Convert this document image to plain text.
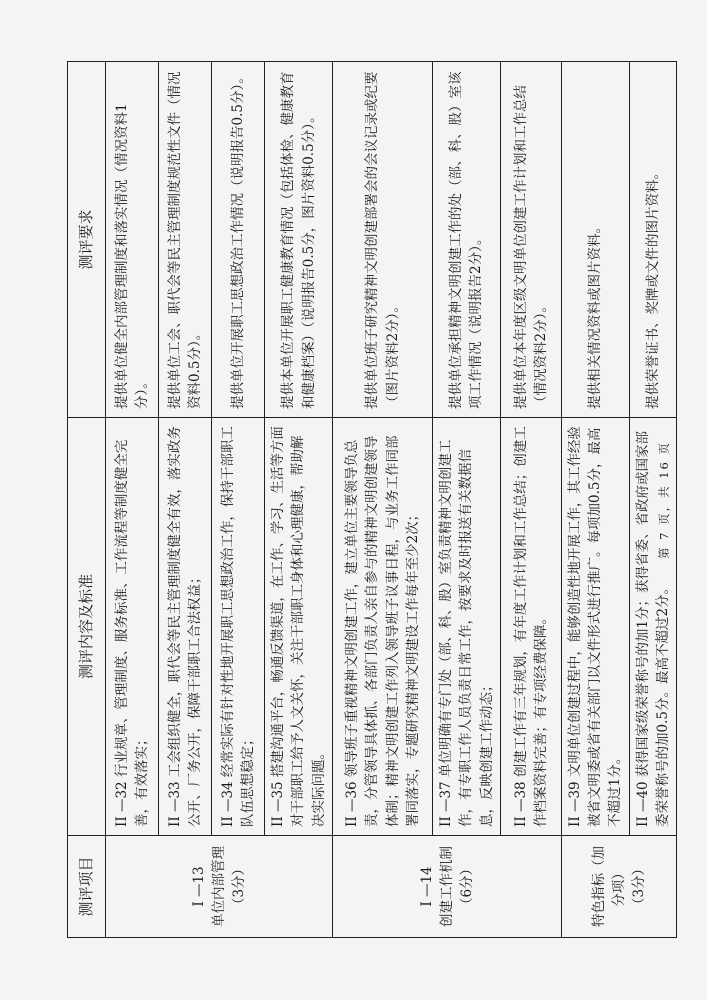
测评项目	测评内容及标准	测评要求

I —13 单位内部管理 （3分）	II —32 行业规章、管理制度、服务标准、工作流程等制度健全完善，有效落实；	提供单位健全内部管理制度和落实情况（情况资料1分）。
	II —33 工会组织健全，职代会等民主管理制度健全有效，落实政务公开、厂务公开，保障干部职工合法权益；	提供单位工会、职代会等民主管理制度规范性文件（情况资料0.5分）。
	II —34 经常实际有针对性地开展职工思想政治工作，保持干部职工队伍思想稳定；	提供单位开展职工思想政治工作情况（说明报告0.5分）。
	II —35 搭建沟通平台，畅通反馈渠道，在工作、学习、生活等方面对干部职工给予人文关怀，关注干部职工身体和心理健康，帮助解决实际问题。	提供本单位开展职工健康教育情况（包括体检、健康教育和健康档案）（说明报告0.5分，图片资料0.5分）。

I —14 创建工作机制 （6分）	II —36 领导班子重视精神文明创建工作，建立单位主要领导负总责，分管领导具体抓、各部门负责人亲自参与的精神文明创建领导体制；精神文明创建工作列入领导班子议事日程，与业务工作同部署同落实，专题研究精神文明建设工作每年至少2次；	提供单位班子研究精神文明创建部署会的会议记录或纪要（图片资料2分）。
	II —37 单位明确有专门处（部、科、股）室负责精神文明创建工作，有专职工作人员负责日常工作，按要求及时报送有关数据信息，反映创建工作动态；	提供单位承担精神文明创建工作的处（部、科、股）室该项工作情况（说明报告2分）。
	II —38 创建工作有三年规划，有年度工作计划和工作总结；创建工作档案资料完善；有专项经费保障。	提供单位本年度区级文明单位创建工作计划和工作总结（情况资料2分）。

特色指标（加分项） （3分）	II —39 文明单位创建过程中，能够创造性地开展工作，其工作经验被省文明委或省有关部门以文件形式进行推广。每项加0.5分，最高不超过1分。	提供相关情况资料或图片资料。
	II —40 获得国家级荣誉称号的加1分；获得省委、省政府或国家部委荣誉称号的加0.5分。最高不超过2分。	提供荣誉证书、奖牌或文件的图片资料。
第 7 页，共 16 页
